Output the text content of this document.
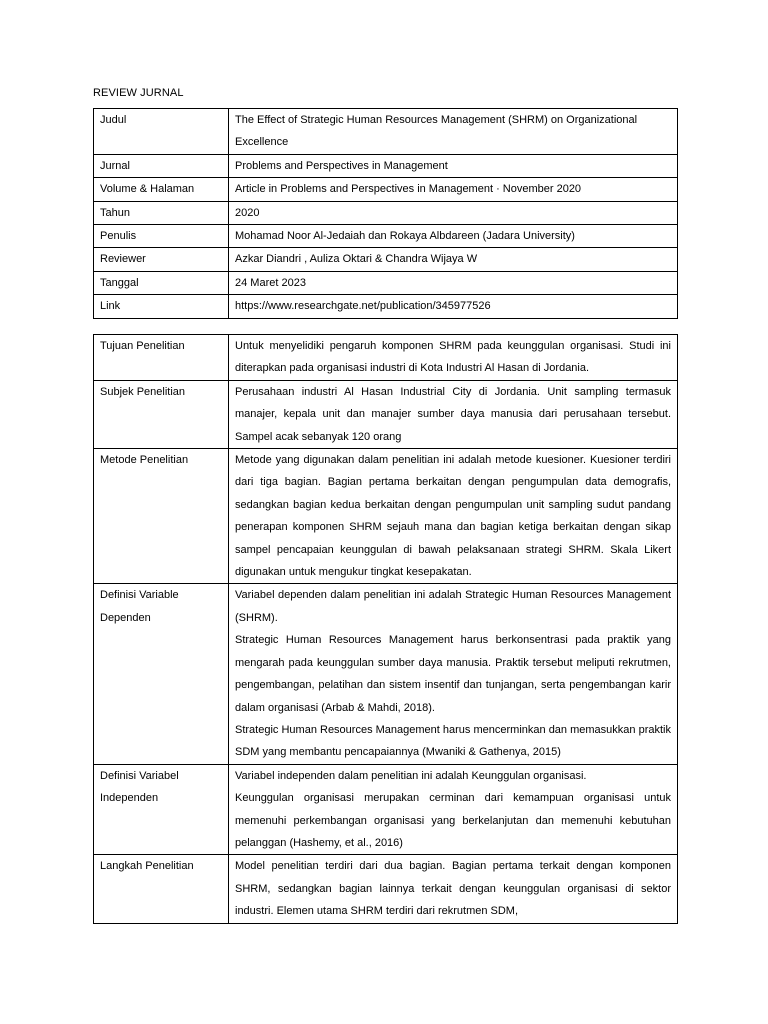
REVIEW JURNAL
Judul	The Effect of Strategic Human Resources Management (SHRM) on Organizational Excellence
Jurnal	Problems and Perspectives in Management
Volume & Halaman	Article in Problems and Perspectives in Management · November 2020
Tahun	2020
Penulis	Mohamad Noor Al-Jedaiah dan Rokaya Albdareen (Jadara University)
Reviewer	Azkar Diandri , Auliza Oktari & Chandra Wijaya W
Tanggal	24 Maret 2023
Link	https://www.researchgate.net/publication/345977526
Tujuan Penelitian	Untuk menyelidiki pengaruh komponen SHRM pada keunggulan organisasi. Studi ini diterapkan pada organisasi industri di Kota Industri Al Hasan di Jordania.

Subjek Penelitian	Perusahaan industri Al Hasan Industrial City di Jordania. Unit sampling termasuk manajer, kepala unit dan manajer sumber daya manusia dari perusahaan tersebut. Sampel acak sebanyak 120 orang

Metode Penelitian	Metode yang digunakan dalam penelitian ini adalah metode kuesioner. Kuesioner terdiri dari tiga bagian. Bagian pertama berkaitan dengan pengumpulan data demografis, sedangkan bagian kedua berkaitan dengan pengumpulan unit sampling sudut pandang penerapan komponen SHRM sejauh mana dan bagian ketiga berkaitan dengan sikap sampel pencapaian keunggulan di bawah pelaksanaan strategi SHRM. Skala Likert digunakan untuk mengukur tingkat kesepakatan.

Definisi Variable Dependen	Variabel dependen dalam penelitian ini adalah Strategic Human Resources Management (SHRM).
Strategic Human Resources Management harus berkonsentrasi pada praktik yang mengarah pada keunggulan sumber daya manusia. Praktik tersebut meliputi rekrutmen, pengembangan, pelatihan dan sistem insentif dan tunjangan, serta pengembangan karir dalam organisasi (Arbab & Mahdi, 2018).
Strategic Human Resources Management harus mencerminkan dan memasukkan praktik SDM yang membantu pencapaiannya (Mwaniki & Gathenya, 2015)

Definisi Variabel Independen	Variabel independen dalam penelitian ini adalah Keunggulan organisasi.
Keunggulan organisasi merupakan cerminan dari kemampuan organisasi untuk memenuhi perkembangan organisasi yang berkelanjutan dan memenuhi kebutuhan pelanggan (Hashemy, et al., 2016)

Langkah Penelitian	Model penelitian terdiri dari dua bagian. Bagian pertama terkait dengan komponen SHRM, sedangkan bagian lainnya terkait dengan keunggulan organisasi di sektor industri. Elemen utama SHRM terdiri dari rekrutmen SDM,
